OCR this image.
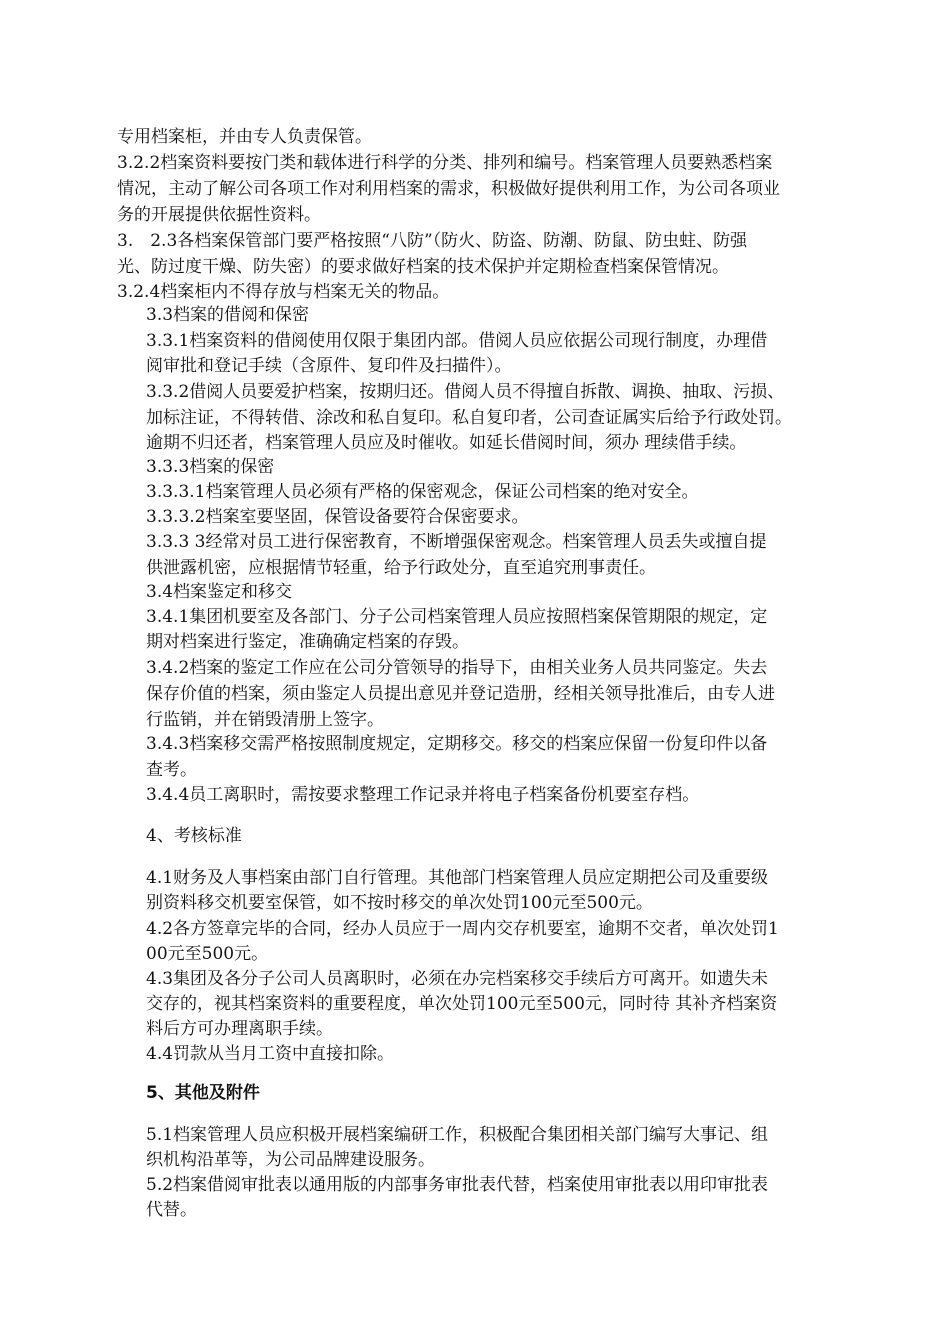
专用档案柜，并由专人负责保管。
3.2.2档案资料要按门类和载体进行科学的分类、排列和编号。档案管理人员要熟悉档案
情况，主动了解公司各项工作对利用档案的需求，积极做好提供利用工作，为公司各项业
务的开展提供依据性资料。
3.　2.3各档案保管部门要严格按照“八防”（防火、防盗、防潮、防鼠、防虫蛀、防强
光、防过度干燥、防失密）的要求做好档案的技术保护并定期检查档案保管情况。
3.2.4档案柜内不得存放与档案无关的物品。
3.3档案的借阅和保密
3.3.1档案资料的借阅使用仅限于集团内部。借阅人员应依据公司现行制度，办理借
阅审批和登记手续（含原件、复印件及扫描件）。
3.3.2借阅人员要爱护档案，按期归还。借阅人员不得擅自拆散、调换、抽取、污损、
加标注证，不得转借、涂改和私自复印。私自复印者，公司查证属实后给予行政处罚。
逾期不归还者，档案管理人员应及时催收。如延长借阅时间，须办 理续借手续。
3.3.3档案的保密
3.3.3.1档案管理人员必须有严格的保密观念，保证公司档案的绝对安全。
3.3.3.2档案室要坚固，保管设备要符合保密要求。
3.3.3 3经常对员工进行保密教育，不断增强保密观念。档案管理人员丢失或擅自提
供泄露机密，应根据情节轻重，给予行政处分，直至追究刑事责任。
3.4档案鉴定和移交
3.4.1集团机要室及各部门、分子公司档案管理人员应按照档案保管期限的规定，定
期对档案进行鉴定，准确确定档案的存毁。
3.4.2档案的鉴定工作应在公司分管领导的指导下，由相关业务人员共同鉴定。失去
保存价值的档案，须由鉴定人员提出意见并登记造册，经相关领导批准后，由专人进
行监销，并在销毁清册上签字。
3.4.3档案移交需严格按照制度规定，定期移交。移交的档案应保留一份复印件以备
查考。
3.4.4员工离职时，需按要求整理工作记录并将电子档案备份机要室存档。
4、考核标准
4.1财务及人事档案由部门自行管理。其他部门档案管理人员应定期把公司及重要级
别资料移交机要室保管，如不按时移交的单次处罚100元至500元。
4.2各方签章完毕的合同，经办人员应于一周内交存机要室，逾期不交者，单次处罚1
00元至500元。
4.3集团及各分子公司人员离职时，必须在办完档案移交手续后方可离开。如遗失未
交存的，视其档案资料的重要程度，单次处罚100元至500元，同时待 其补齐档案资
料后方可办理离职手续。
4.4罚款从当月工资中直接扣除。
5、其他及附件
5.1档案管理人员应积极开展档案编研工作，积极配合集团相关部门编写大事记、组
织机构沿革等，为公司品牌建设服务。
5.2档案借阅审批表以通用版的内部事务审批表代替，档案使用审批表以用印审批表
代替。
